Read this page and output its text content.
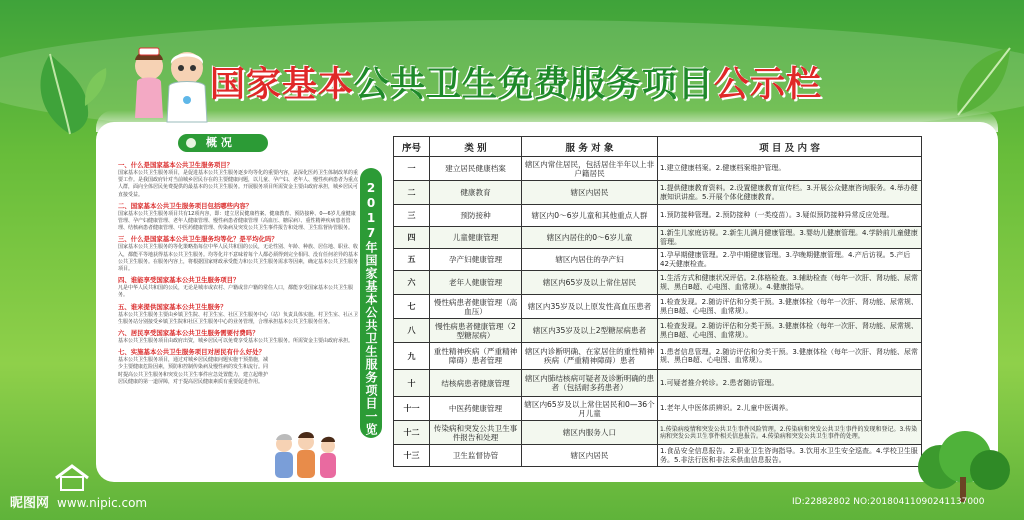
国家基本公共卫生免费服务项目公示栏
概 况
一、什么是国家基本公共卫生服务项目？
国家基本公共卫生服务项目，是促进基本公共卫生服务逐步均等化的重要内容，是深化医药卫生体制改革的重要工作。是我国政府针对当前城乡居民存在的主要健康问题，以儿童、孕产妇、老年人、慢性疾病患者为重点人群，面向全体居民免费提供的最基本的公共卫生服务。开展服务项目所需资金主要由政府承担，城乡居民可直接受益。
二、国家基本公共卫生服务项目包括哪些内容？
国家基本公共卫生服务项目共有12项内容，即：建立居民健康档案、健康教育、预防接种、0—6岁儿童健康管理、孕产妇健康管理、老年人健康管理、慢性病患者健康管理（高血压、糖尿病）、重性精神疾病患者管理、结核病患者健康管理、中医药健康管理、传染病及突发公共卫生事件报告和处理、卫生监督协管服务。
三、什么是国家基本公共卫生服务均等化？是平均化吗？
国家基本公共卫生服务的等化策略指每位中华人民共和国的公民，无论性别、年龄、种族、居住地、职业、收入，都能平等地获得基本公共卫生服务。均等化并不意味着每个人都必须得到完全相同、没有任何差异的基本公共卫生服务。在服务内容上，将根据国家财政承受能力和公共卫生服务需求等因素，确定基本公共卫生服务项目。
四、谁能享受国家基本公共卫生服务项目？
凡是中华人民共和国的公民，无论是城市或农村、户籍或非户籍的常住人口，都能享受国家基本公共卫生服务。
五、谁来提供国家基本公共卫生服务？
基本公共卫生服务主要由乡镇卫生院、村卫生室、社区卫生服务中心（站）负责具体实施。村卫生室、社区卫生服务站分别接受乡镇卫生院和社区卫生服务中心的业务管理，合理承担基本公共卫生服务任务。
六、居民享受国家基本公共卫生服务需要付费吗？
基本公共卫生服务项目由政府出资，城乡居民可以免费享受基本公共卫生服务。所需资金主要由政府承担。
七、实施基本公共卫生服务项目对居民有什么好处？
基本公共卫生服务项目，通过对城乡居民健康问题实施干预措施，减少主要健康危险因素，预防和控制传染病及慢性病的发生和流行。同时提高公共卫生服务和突发公共卫生事件应急处置能力，建立起维护居民健康的第一道屏障，对于提高居民健康素质有重要促进作用。	2017年国家基本公共卫生服务项目一览表
序号	类 别	服 务 对 象	项 目 及 内 容
一	建立居民健康档案	辖区内常住居民，包括居住半年以上非户籍居民	1.建立健康档案。2.健康档案维护管理。
二	健康教育	辖区内居民	1.提供健康教育资料。2.设置健康教育宣传栏。3.开展公众健康咨询服务。4.举办健康知识讲座。5.开展个体化健康教育。
三	预防接种	辖区内0～6岁儿童和其他重点人群	1.预防接种管理。2.预防接种（一类疫苗）。3.疑似预防接种异常反应处理。
四	儿童健康管理	辖区内居住的0～6岁儿童	1.新生儿家庭访视。2.新生儿满月健康管理。3.婴幼儿健康管理。4.学龄前儿童健康管理。
五	孕产妇健康管理	辖区内居住的孕产妇	1.孕早期健康管理。2.孕中期健康管理。3.孕晚期健康管理。4.产后访视。5.产后42天健康检查。
六	老年人健康管理	辖区内65岁及以上常住居民	1.生活方式和健康状况评估。2.体格检查。3.辅助检查（每年一次肝、肾功能、尿常规、黑白B超、心电图、血常规）。4.健康指导。
七	慢性病患者健康管理（高血压）	辖区内35岁及以上原发性高血压患者	1.检查发现。2.随访评估和分类干预。3.健康体检（每年一次肝、肾功能、尿常规、黑白B超、心电图、血常规）。
八	慢性病患者健康管理（2型糖尿病）	辖区内35岁及以上2型糖尿病患者	1.检查发现。2.随访评估和分类干预。3.健康体检（每年一次肝、肾功能、尿常规、黑白B超、心电图、血常规）。
九	重性精神疾病（严重精神障碍）患者管理	辖区内诊断明确、在家居住的重性精神疾病（严重精神障碍）患者	1.患者信息管理。2.随访评估和分类干预。3.健康体检（每年一次肝、肾功能、尿常规、黑白B超、心电图、血常规）。
十	结核病患者健康管理	辖区内肺结核病可疑者及诊断明确的患者（包括耐多药患者）	1.可疑者推介转诊。2.患者随访管理。
十一	中医药健康管理	辖区内65岁及以上常住居民和0—36个月儿童	1.老年人中医体质辨识。2.儿童中医调养。
十二	传染病和突发公共卫生事件报告和处理	辖区内服务人口	1.传染病疫情和突发公共卫生事件风险管理。2.传染病和突发公共卫生事件的发现和登记。3.传染病和突发公共卫生事件相关信息报告。4.传染病和突发公共卫生事件的处理。
十三	卫生监督协管	辖区内居民	1.食品安全信息报告。2.职业卫生咨询指导。3.饮用水卫生安全巡查。4.学校卫生服务。5.非法行医和非法采供血信息报告。
昵图网 www.nipic.com	ID:22882802 NO:20180411090241137000
